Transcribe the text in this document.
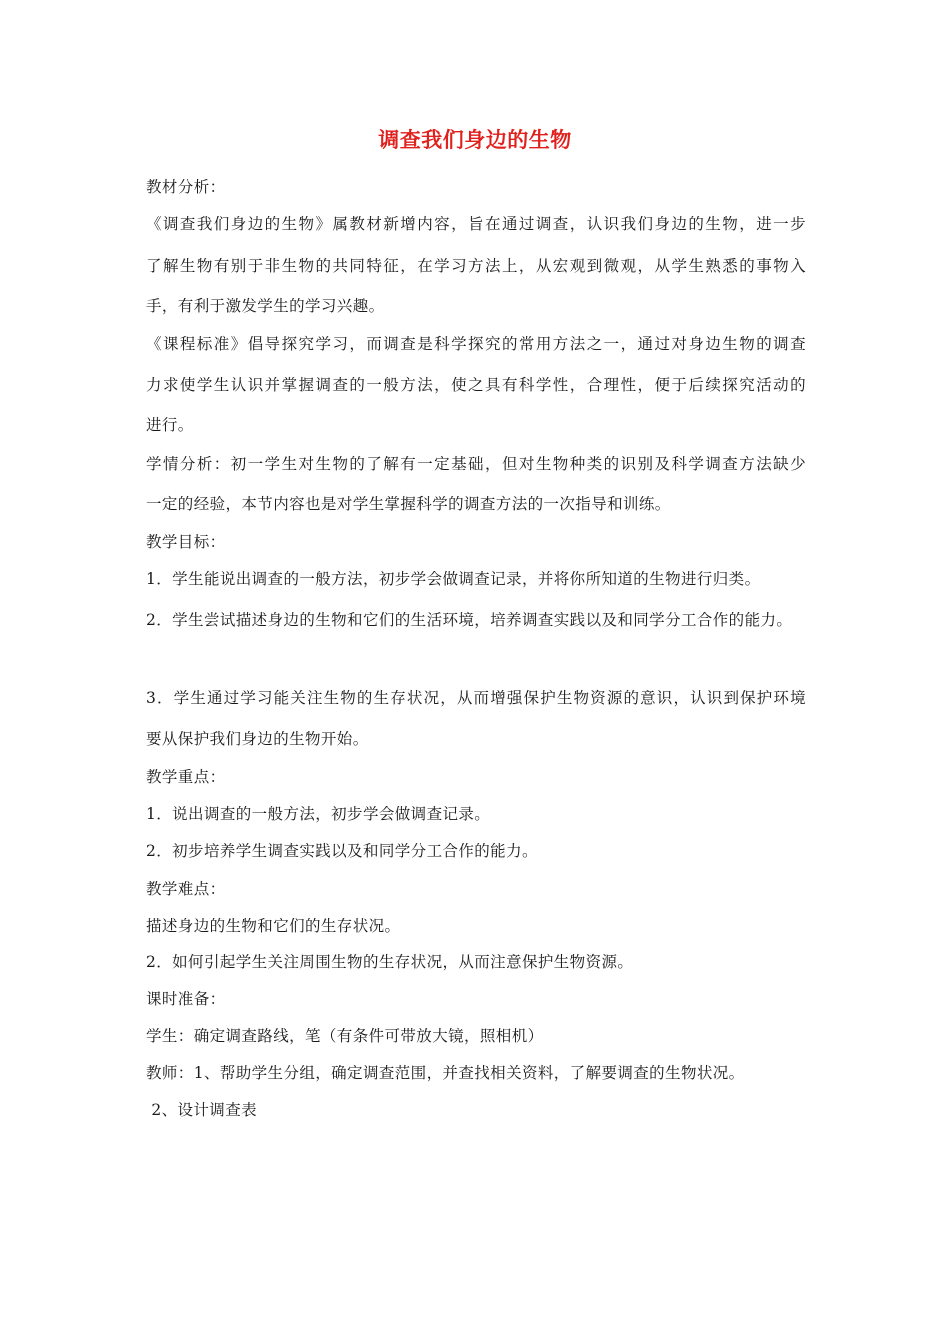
调查我们身边的生物
教材分析：
《调查我们身边的生物》属教材新增内容，旨在通过调查，认识我们身边的生物，进一步
了解生物有别于非生物的共同特征，在学习方法上，从宏观到微观，从学生熟悉的事物入
手，有利于激发学生的学习兴趣。
《课程标准》倡导探究学习，而调查是科学探究的常用方法之一，通过对身边生物的调查
力求使学生认识并掌握调查的一般方法，使之具有科学性，合理性，便于后续探究活动的
进行。
学情分析：初一学生对生物的了解有一定基础，但对生物种类的识别及科学调查方法缺少
一定的经验，本节内容也是对学生掌握科学的调查方法的一次指导和训练。
教学目标：
1．学生能说出调查的一般方法，初步学会做调查记录，并将你所知道的生物进行归类。
2．学生尝试描述身边的生物和它们的生活环境，培养调查实践以及和同学分工合作的能力。
3．学生通过学习能关注生物的生存状况，从而增强保护生物资源的意识，认识到保护环境
要从保护我们身边的生物开始。
教学重点：
1．说出调查的一般方法，初步学会做调查记录。
2．初步培养学生调查实践以及和同学分工合作的能力。
教学难点：
描述身边的生物和它们的生存状况。
2．如何引起学生关注周围生物的生存状况，从而注意保护生物资源。
课时准备：
学生：确定调查路线，笔（有条件可带放大镜，照相机）
教师：1、帮助学生分组，确定调查范围，并查找相关资料，了解要调查的生物状况。
2、设计调查表
